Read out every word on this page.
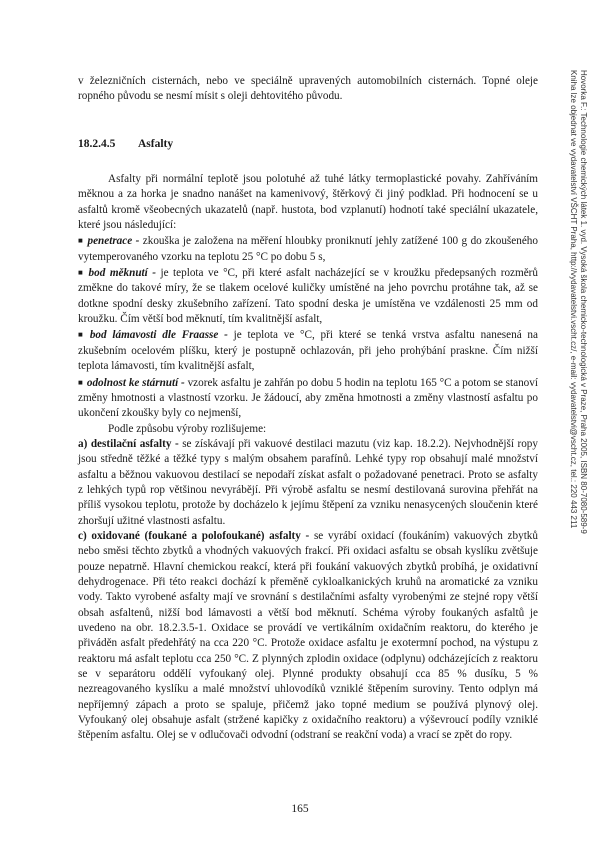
Hovorka F.: Technologie chemických látek 1. vyd. Vysoká škola chemicko-technologická v Praze, Praha 2005, ISBN 80-7080-589-9
Kniha lze objednat ve vydavatelství VŠCHT Praha, http://vydavatelstvi.vscht.cz/, e-mail: vydavatelstvi@vscht.cz, tel.: 220 443 211

v železničních cisternách, nebo ve speciálně upravených automobilních cisternách. Topné oleje ropného původu se nesmí mísit s oleji dehtovitého původu.

18.2.4.5 Asfalty

Asfalty při normální teplotě jsou polotuhé až tuhé látky termoplastické povahy. Zahříváním měknou a za horka je snadno nanášet na kamenivový, štěrkový či jiný podklad. Při hodnocení se u asfaltů kromě všeobecných ukazatelů (např. hustota, bod vzplanutí) hodnotí také speciální ukazatele, které jsou následující:

■ penetrace - zkouška je založena na měření hloubky proniknutí jehly zatížené 100 g do zkoušeného vytemperovaného vzorku na teplotu 25 °C po dobu 5 s,

■ bod měknutí - je teplota ve °C, při které asfalt nacházející se v kroužku předepsaných rozměrů změkne do takové míry, že se tlakem ocelové kuličky umístěné na jeho povrchu protáhne tak, až se dotkne spodní desky zkušebního zařízení. Tato spodní deska je umístěna ve vzdálenosti 25 mm od kroužku. Čím větší bod měknutí, tím kvalitnější asfalt,

■ bod lámavosti dle Fraasse - je teplota ve °C, při které se tenká vrstva asfaltu nanesená na zkušebním ocelovém plíšku, který je postupně ochlazován, při jeho prohýbání praskne. Čím nižší teplota lámavosti, tím kvalitnější asfalt,

■ odolnost ke stárnutí - vzorek asfaltu je zahřán po dobu 5 hodin na teplotu 165 °C a potom se stanoví změny hmotnosti a vlastností vzorku. Je žádoucí, aby změna hmotnosti a změny vlastností asfaltu po ukončení zkoušky byly co nejmenší,

Podle způsobu výroby rozlišujeme:

a) destilační asfalty - se získávají při vakuové destilaci mazutu (viz kap. 18.2.2). Nejvhodnější ropy jsou středně těžké a těžké typy s malým obsahem parafínů. Lehké typy rop obsahují malé množství asfaltu a běžnou vakuovou destilací se nepodaří získat asfalt o požadované penetraci. Proto se asfalty z lehkých typů rop většinou nevyrábějí. Při výrobě asfaltu se nesmí destilovaná surovina přehřát na příliš vysokou teplotu, protože by docházelo k jejímu štěpení za vzniku nenasycených sloučenin které zhoršují užitné vlastnosti asfaltu.

c) oxidované (foukané a polofoukané) asfalty - se vyrábí oxidací (foukáním) vakuových zbytků nebo směsi těchto zbytků a vhodných vakuových frakcí. Při oxidaci asfaltu se obsah kyslíku zvětšuje pouze nepatrně. Hlavní chemickou reakcí, která při foukání vakuových zbytků probíhá, je oxidativní dehydrogenace. Při této reakci dochází k přeměně cykloalkanických kruhů na aromatické za vzniku vody. Takto vyrobené asfalty mají ve srovnání s destilačními asfalty vyrobenými ze stejné ropy větší obsah asfaltenů, nižší bod lámavosti a větší bod měknutí. Schéma výroby foukaných asfaltů je uvedeno na obr. 18.2.3.5-1. Oxidace se provádí ve vertikálním oxidačním reaktoru, do kterého je přiváděn asfalt předehřátý na cca 220 °C. Protože oxidace asfaltu je exotermní pochod, na výstupu z reaktoru má asfalt teplotu cca 250 °C. Z plynných zplodin oxidace (odplynu) odcházejících z reaktoru se v separátoru oddělí vyfoukaný olej. Plynné produkty obsahují cca 85 % dusíku, 5 % nezreagovaného kyslíku a malé množství uhlovodíků vzniklé štěpením suroviny. Tento odplyn má nepříjemný zápach a proto se spaluje, přičemž jako topné medium se používá plynový olej. Vyfoukaný olej obsahuje asfalt (stržené kapičky z oxidačního reaktoru) a výševroucí podíly vzniklé štěpením asfaltu. Olej se v odlučovači odvodní (odstraní se reakční voda) a vrací se zpět do ropy.

165
